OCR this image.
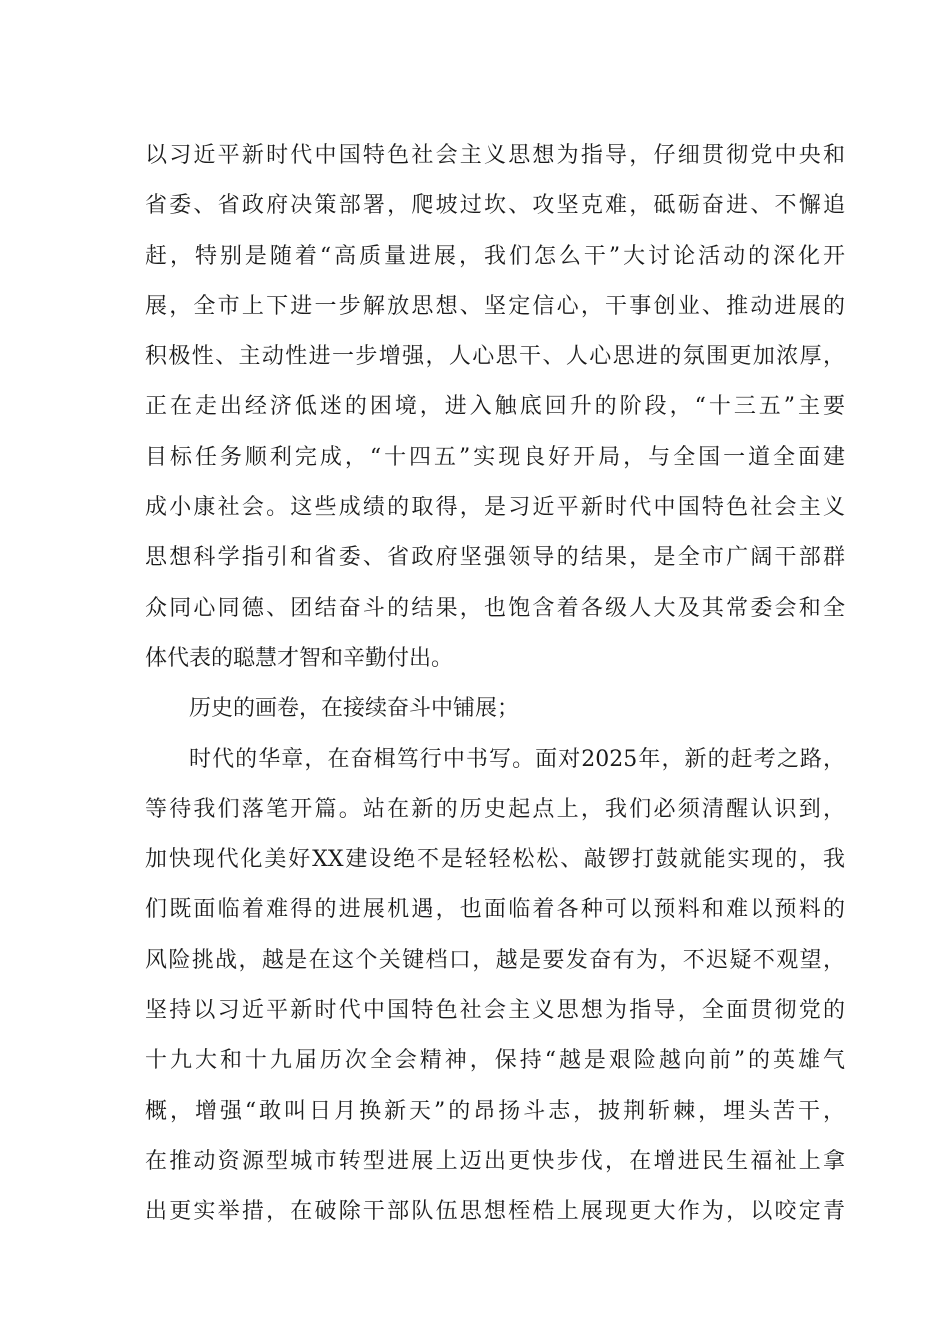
以习近平新时代中国特色社会主义思想为指导，仔细贯彻党中央和
省委、省政府决策部署，爬坡过坎、攻坚克难，砥砺奋进、不懈追
赶，特别是随着“高质量进展，我们怎么干”大讨论活动的深化开
展，全市上下进一步解放思想、坚定信心，干事创业、推动进展的
积极性、主动性进一步增强，人心思干、人心思进的氛围更加浓厚，
正在走出经济低迷的困境，进入触底回升的阶段，“十三五”主要
目标任务顺利完成，“十四五”实现良好开局，与全国一道全面建
成小康社会。这些成绩的取得，是习近平新时代中国特色社会主义
思想科学指引和省委、省政府坚强领导的结果，是全市广阔干部群
众同心同德、团结奋斗的结果，也饱含着各级人大及其常委会和全
体代表的聪慧才智和辛勤付出。
历史的画卷，在接续奋斗中铺展；
时代的华章，在奋楫笃行中书写。面对2025年，新的赶考之路，
等待我们落笔开篇。站在新的历史起点上，我们必须清醒认识到，
加快现代化美好XX建设绝不是轻轻松松、敲锣打鼓就能实现的，我
们既面临着难得的进展机遇，也面临着各种可以预料和难以预料的
风险挑战，越是在这个关键档口，越是要发奋有为，不迟疑不观望，
坚持以习近平新时代中国特色社会主义思想为指导，全面贯彻党的
十九大和十九届历次全会精神，保持“越是艰险越向前”的英雄气
概，增强“敢叫日月换新天”的昂扬斗志，披荆斩棘，埋头苦干，
在推动资源型城市转型进展上迈出更快步伐，在增进民生福祉上拿
出更实举措，在破除干部队伍思想桎梏上展现更大作为，以咬定青
